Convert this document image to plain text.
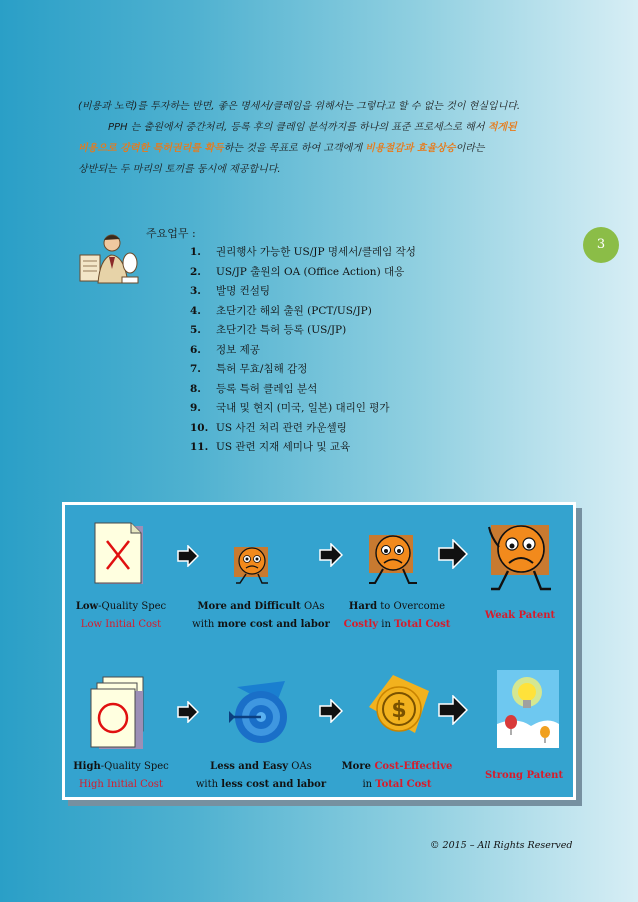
(비용과 노력)를 투자하는 반면, 좋은 명세서/클레임을 위해서는 그렇다고 할 수 없는 것이 현실입니다.

PPH 는 출원에서 중간처리, 등록 후의 클레임 분석까지를 하나의 표준 프로세스로 해서 적게된

비용으로 강력한 특허권리를 확득하는 것을 목표로 하여 고객에게 비용절감과 효율상승이라는

상반되는 두 마리의 토끼를 동시에 제공합니다.

3
주요업무 :
1. 권리행사 가능한 US/JP 명세서/클레임 작성
2. US/JP 출원의 OA (Office Action) 대응
3. 발명 컨설팅
4. 초단기간 해외 출원 (PCT/US/JP)
5. 초단기간 특허 등록 (US/JP)
6. 정보 제공
7. 특허 무효/침해 감정
8. 등록 특허 클레임 분석
9. 국내 및 현지 (미국, 일본) 대리인 평가
10. US 사건 처리 관련 카운셀링
11. US 관련 지재 세미나 및 교육
Low-Quality Spec
Low Initial Cost
More and Difficult OAs
with more cost and labor
Hard to Overcome
Costly in Total Cost
Weak Patent
$
High-Quality Spec
High Initial Cost
Less and Easy OAs
with less cost and labor
More Cost-Effective
in Total Cost
Strong Patent
© 2015 – All Rights Reserved
